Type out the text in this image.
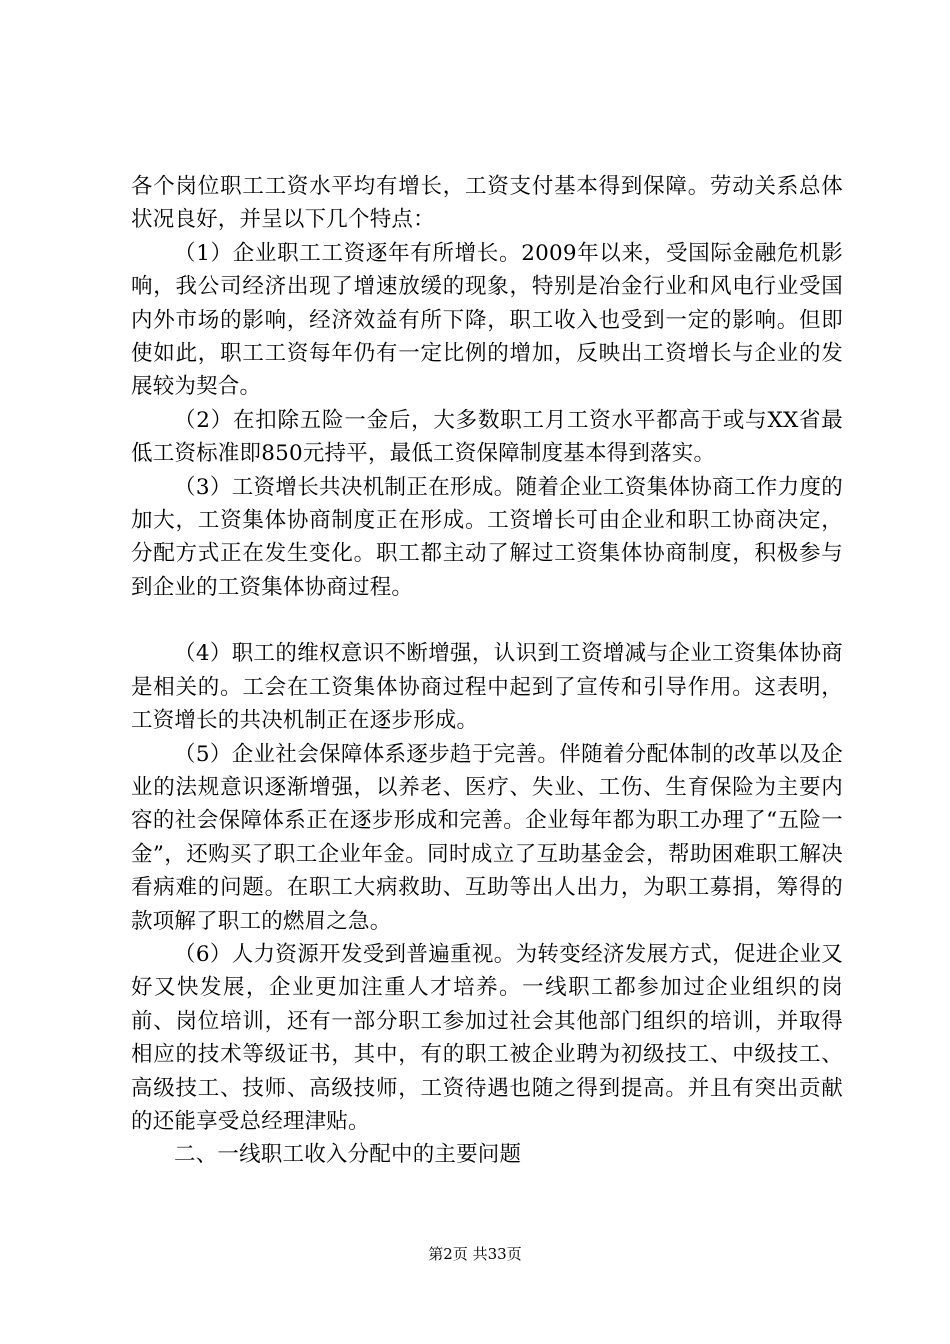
各个岗位职工工资水平均有增长，工资支付基本得到保障。劳动关系总体状况良好，并呈以下几个特点：

（1）企业职工工资逐年有所增长。2009年以来，受国际金融危机影响，我公司经济出现了增速放缓的现象，特别是冶金行业和风电行业受国内外市场的影响，经济效益有所下降，职工收入也受到一定的影响。但即使如此，职工工资每年仍有一定比例的增加，反映出工资增长与企业的发展较为契合。

（2）在扣除五险一金后，大多数职工月工资水平都高于或与XX省最低工资标准即850元持平，最低工资保障制度基本得到落实。

（3）工资增长共决机制正在形成。随着企业工资集体协商工作力度的加大，工资集体协商制度正在形成。工资增长可由企业和职工协商决定，分配方式正在发生变化。职工都主动了解过工资集体协商制度，积极参与到企业的工资集体协商过程。

（4）职工的维权意识不断增强，认识到工资增减与企业工资集体协商是相关的。工会在工资集体协商过程中起到了宣传和引导作用。这表明，工资增长的共决机制正在逐步形成。

（5）企业社会保障体系逐步趋于完善。伴随着分配体制的改革以及企业的法规意识逐渐增强，以养老、医疗、失业、工伤、生育保险为主要内容的社会保障体系正在逐步形成和完善。企业每年都为职工办理了“五险一金”，还购买了职工企业年金。同时成立了互助基金会，帮助困难职工解决看病难的问题。在职工大病救助、互助等出人出力，为职工募捐，筹得的款项解了职工的燃眉之急。

（6）人力资源开发受到普遍重视。为转变经济发展方式，促进企业又好又快发展，企业更加注重人才培养。一线职工都参加过企业组织的岗前、岗位培训，还有一部分职工参加过社会其他部门组织的培训，并取得相应的技术等级证书，其中，有的职工被企业聘为初级技工、中级技工、高级技工、技师、高级技师，工资待遇也随之得到提高。并且有突出贡献的还能享受总经理津贴。

二、一线职工收入分配中的主要问题

第2页 共33页
